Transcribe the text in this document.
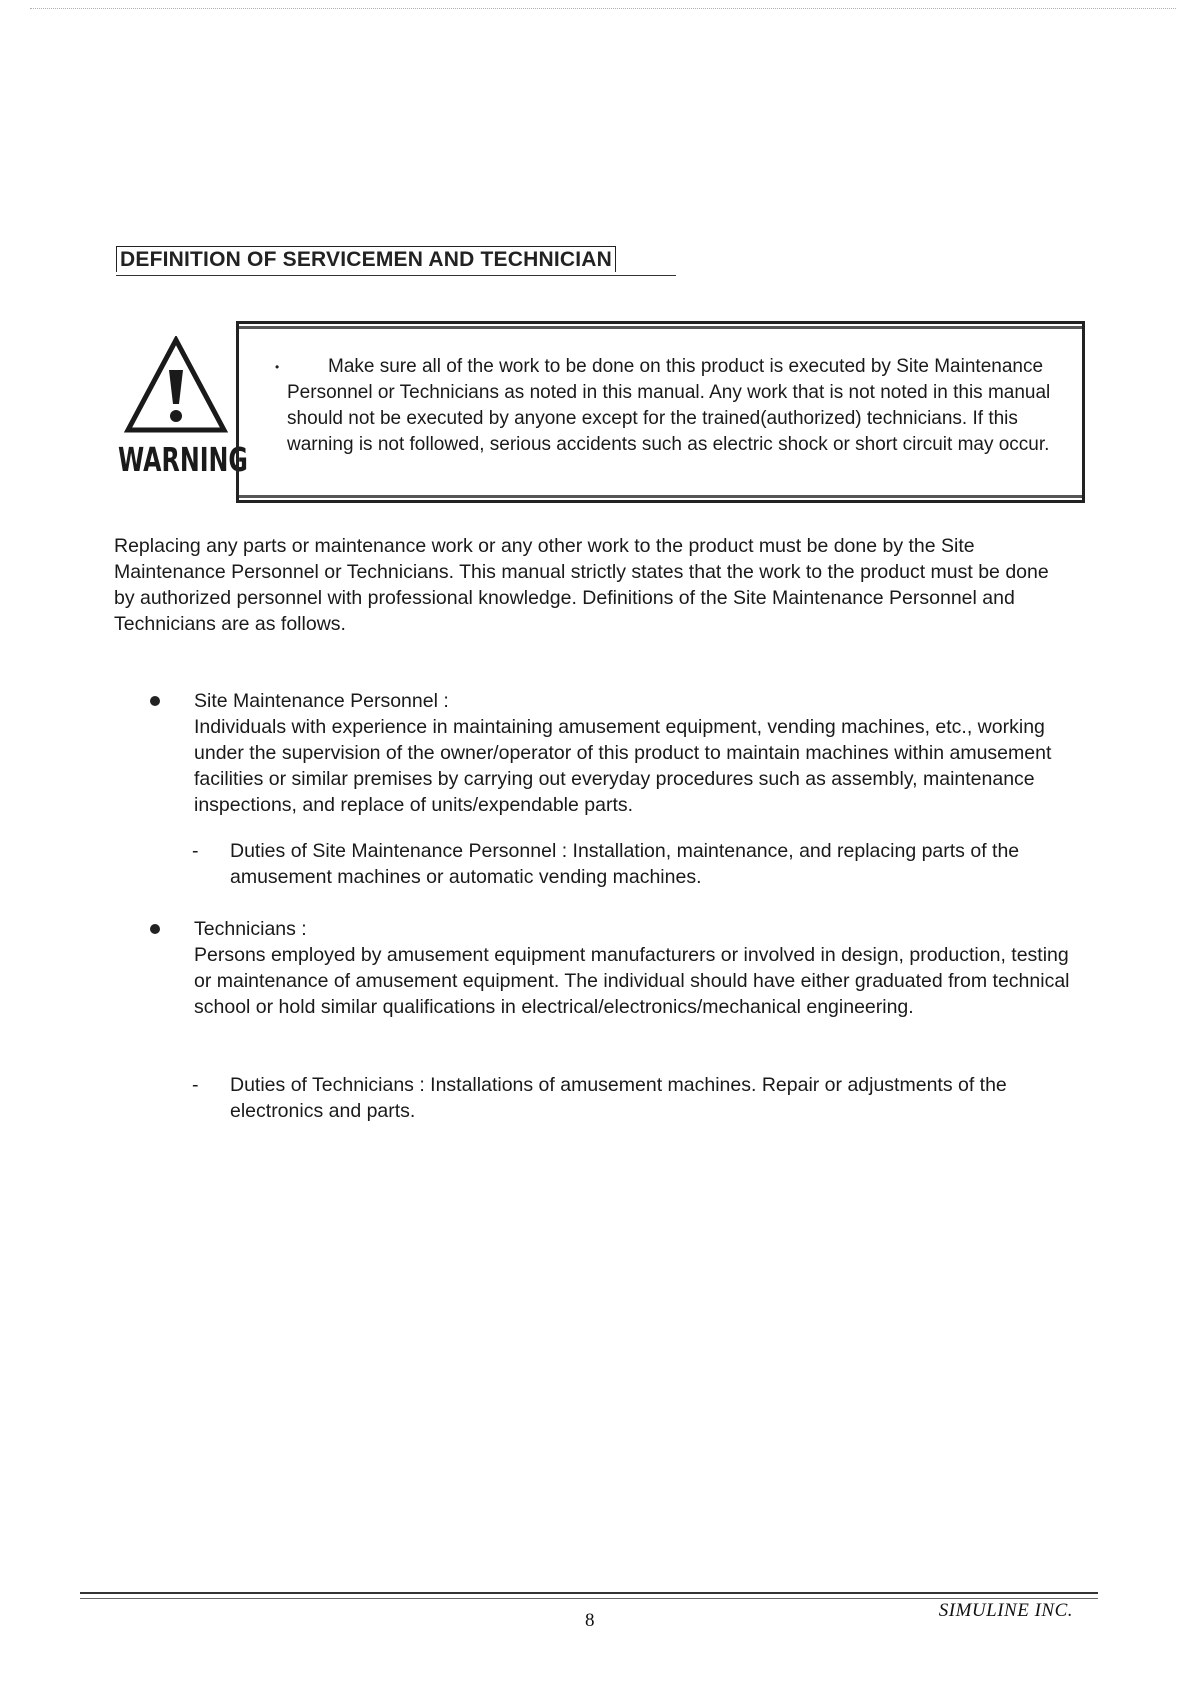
DEFINITION OF SERVICEMEN AND TECHNICIAN
WARNING
•	Make sure all of the work to be done on this product is executed by Site Maintenance Personnel or Technicians as noted in this manual. Any work that is not noted in this manual should not be executed by anyone except for the trained(authorized) technicians. If this warning is not followed, serious accidents such as electric shock or short circuit may occur.
Replacing any parts or maintenance work or any other work to the product must be done by the Site Maintenance Personnel or Technicians. This manual strictly states that the work to the product must be done by authorized personnel with professional knowledge. Definitions of the Site Maintenance Personnel and Technicians are as follows.
Site Maintenance Personnel :
Individuals with experience in maintaining amusement equipment, vending machines, etc., working under the supervision of the owner/operator of this product to maintain machines within amusement facilities or similar premises by carrying out everyday procedures such as assembly, maintenance inspections, and replace of units/expendable parts.
- Duties of Site Maintenance Personnel : Installation, maintenance, and replacing parts of the amusement machines or automatic vending machines.
Technicians :
Persons employed by amusement equipment manufacturers or involved in design, production, testing or maintenance of amusement equipment. The individual should have either graduated from technical school or hold similar qualifications in electrical/electronics/mechanical engineering.
- Duties of Technicians : Installations of amusement machines. Repair or adjustments of the electronics and parts.
8	SIMULINE INC.
